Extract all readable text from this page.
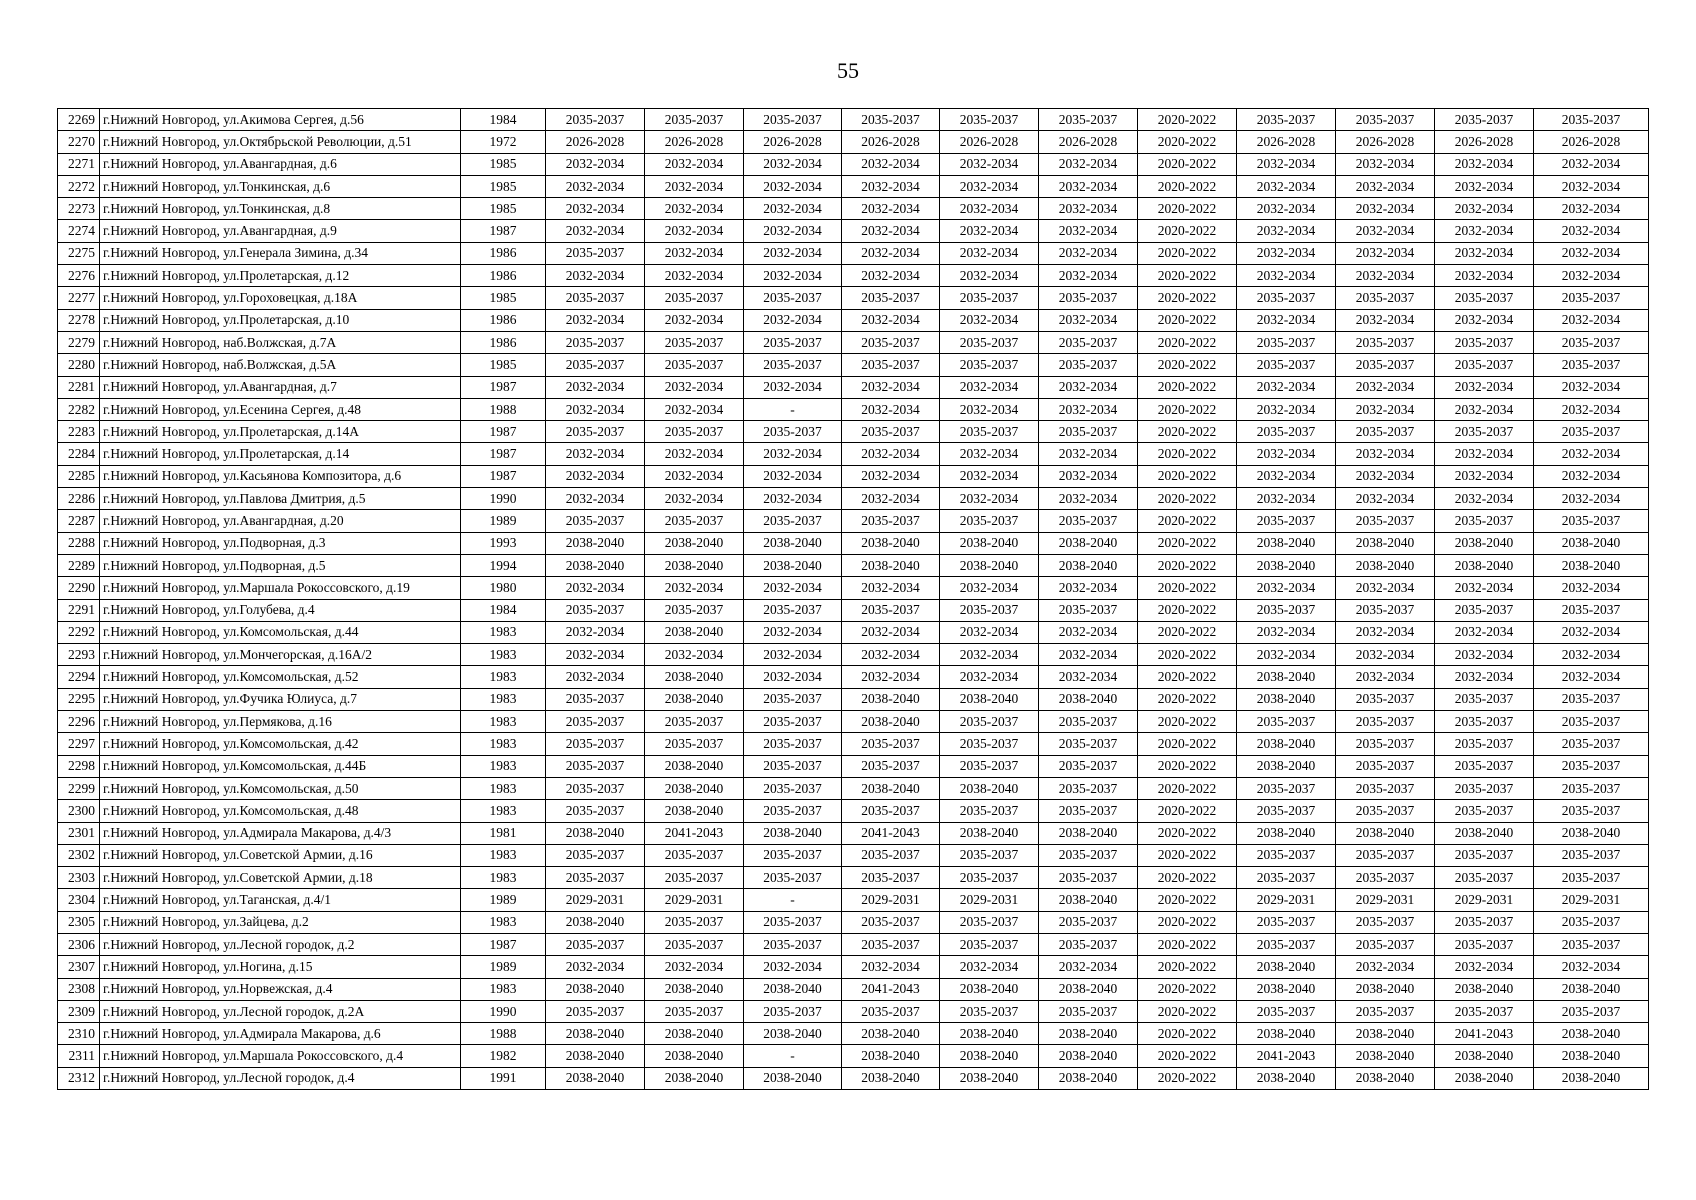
55
2269	г.Нижний Новгород, ул.Акимова Сергея, д.56	1984	2035-2037	2035-2037	2035-2037	2035-2037	2035-2037	2035-2037	2020-2022	2035-2037	2035-2037	2035-2037	2035-2037
2270	г.Нижний Новгород, ул.Октябрьской Революции, д.51	1972	2026-2028	2026-2028	2026-2028	2026-2028	2026-2028	2026-2028	2020-2022	2026-2028	2026-2028	2026-2028	2026-2028
2271	г.Нижний Новгород, ул.Авангардная, д.6	1985	2032-2034	2032-2034	2032-2034	2032-2034	2032-2034	2032-2034	2020-2022	2032-2034	2032-2034	2032-2034	2032-2034
2272	г.Нижний Новгород, ул.Тонкинская, д.6	1985	2032-2034	2032-2034	2032-2034	2032-2034	2032-2034	2032-2034	2020-2022	2032-2034	2032-2034	2032-2034	2032-2034
2273	г.Нижний Новгород, ул.Тонкинская, д.8	1985	2032-2034	2032-2034	2032-2034	2032-2034	2032-2034	2032-2034	2020-2022	2032-2034	2032-2034	2032-2034	2032-2034
2274	г.Нижний Новгород, ул.Авангардная, д.9	1987	2032-2034	2032-2034	2032-2034	2032-2034	2032-2034	2032-2034	2020-2022	2032-2034	2032-2034	2032-2034	2032-2034
2275	г.Нижний Новгород, ул.Генерала Зимина, д.34	1986	2035-2037	2032-2034	2032-2034	2032-2034	2032-2034	2032-2034	2020-2022	2032-2034	2032-2034	2032-2034	2032-2034
2276	г.Нижний Новгород, ул.Пролетарская, д.12	1986	2032-2034	2032-2034	2032-2034	2032-2034	2032-2034	2032-2034	2020-2022	2032-2034	2032-2034	2032-2034	2032-2034
2277	г.Нижний Новгород, ул.Гороховецкая, д.18А	1985	2035-2037	2035-2037	2035-2037	2035-2037	2035-2037	2035-2037	2020-2022	2035-2037	2035-2037	2035-2037	2035-2037
2278	г.Нижний Новгород, ул.Пролетарская, д.10	1986	2032-2034	2032-2034	2032-2034	2032-2034	2032-2034	2032-2034	2020-2022	2032-2034	2032-2034	2032-2034	2032-2034
2279	г.Нижний Новгород, наб.Волжская, д.7А	1986	2035-2037	2035-2037	2035-2037	2035-2037	2035-2037	2035-2037	2020-2022	2035-2037	2035-2037	2035-2037	2035-2037
2280	г.Нижний Новгород, наб.Волжская, д.5А	1985	2035-2037	2035-2037	2035-2037	2035-2037	2035-2037	2035-2037	2020-2022	2035-2037	2035-2037	2035-2037	2035-2037
2281	г.Нижний Новгород, ул.Авангардная, д.7	1987	2032-2034	2032-2034	2032-2034	2032-2034	2032-2034	2032-2034	2020-2022	2032-2034	2032-2034	2032-2034	2032-2034
2282	г.Нижний Новгород, ул.Есенина Сергея, д.48	1988	2032-2034	2032-2034	-	2032-2034	2032-2034	2032-2034	2020-2022	2032-2034	2032-2034	2032-2034	2032-2034
2283	г.Нижний Новгород, ул.Пролетарская, д.14А	1987	2035-2037	2035-2037	2035-2037	2035-2037	2035-2037	2035-2037	2020-2022	2035-2037	2035-2037	2035-2037	2035-2037
2284	г.Нижний Новгород, ул.Пролетарская, д.14	1987	2032-2034	2032-2034	2032-2034	2032-2034	2032-2034	2032-2034	2020-2022	2032-2034	2032-2034	2032-2034	2032-2034
2285	г.Нижний Новгород, ул.Касьянова Композитора, д.6	1987	2032-2034	2032-2034	2032-2034	2032-2034	2032-2034	2032-2034	2020-2022	2032-2034	2032-2034	2032-2034	2032-2034
2286	г.Нижний Новгород, ул.Павлова Дмитрия, д.5	1990	2032-2034	2032-2034	2032-2034	2032-2034	2032-2034	2032-2034	2020-2022	2032-2034	2032-2034	2032-2034	2032-2034
2287	г.Нижний Новгород, ул.Авангардная, д.20	1989	2035-2037	2035-2037	2035-2037	2035-2037	2035-2037	2035-2037	2020-2022	2035-2037	2035-2037	2035-2037	2035-2037
2288	г.Нижний Новгород, ул.Подворная, д.3	1993	2038-2040	2038-2040	2038-2040	2038-2040	2038-2040	2038-2040	2020-2022	2038-2040	2038-2040	2038-2040	2038-2040
2289	г.Нижний Новгород, ул.Подворная, д.5	1994	2038-2040	2038-2040	2038-2040	2038-2040	2038-2040	2038-2040	2020-2022	2038-2040	2038-2040	2038-2040	2038-2040
2290	г.Нижний Новгород, ул.Маршала Рокоссовского, д.19	1980	2032-2034	2032-2034	2032-2034	2032-2034	2032-2034	2032-2034	2020-2022	2032-2034	2032-2034	2032-2034	2032-2034
2291	г.Нижний Новгород, ул.Голубева, д.4	1984	2035-2037	2035-2037	2035-2037	2035-2037	2035-2037	2035-2037	2020-2022	2035-2037	2035-2037	2035-2037	2035-2037
2292	г.Нижний Новгород, ул.Комсомольская, д.44	1983	2032-2034	2038-2040	2032-2034	2032-2034	2032-2034	2032-2034	2020-2022	2032-2034	2032-2034	2032-2034	2032-2034
2293	г.Нижний Новгород, ул.Мончегорская, д.16А/2	1983	2032-2034	2032-2034	2032-2034	2032-2034	2032-2034	2032-2034	2020-2022	2032-2034	2032-2034	2032-2034	2032-2034
2294	г.Нижний Новгород, ул.Комсомольская, д.52	1983	2032-2034	2038-2040	2032-2034	2032-2034	2032-2034	2032-2034	2020-2022	2038-2040	2032-2034	2032-2034	2032-2034
2295	г.Нижний Новгород, ул.Фучика Юлиуса, д.7	1983	2035-2037	2038-2040	2035-2037	2038-2040	2038-2040	2038-2040	2020-2022	2038-2040	2035-2037	2035-2037	2035-2037
2296	г.Нижний Новгород, ул.Пермякова, д.16	1983	2035-2037	2035-2037	2035-2037	2038-2040	2035-2037	2035-2037	2020-2022	2035-2037	2035-2037	2035-2037	2035-2037
2297	г.Нижний Новгород, ул.Комсомольская, д.42	1983	2035-2037	2035-2037	2035-2037	2035-2037	2035-2037	2035-2037	2020-2022	2038-2040	2035-2037	2035-2037	2035-2037
2298	г.Нижний Новгород, ул.Комсомольская, д.44Б	1983	2035-2037	2038-2040	2035-2037	2035-2037	2035-2037	2035-2037	2020-2022	2038-2040	2035-2037	2035-2037	2035-2037
2299	г.Нижний Новгород, ул.Комсомольская, д.50	1983	2035-2037	2038-2040	2035-2037	2038-2040	2038-2040	2035-2037	2020-2022	2035-2037	2035-2037	2035-2037	2035-2037
2300	г.Нижний Новгород, ул.Комсомольская, д.48	1983	2035-2037	2038-2040	2035-2037	2035-2037	2035-2037	2035-2037	2020-2022	2035-2037	2035-2037	2035-2037	2035-2037
2301	г.Нижний Новгород, ул.Адмирала Макарова, д.4/3	1981	2038-2040	2041-2043	2038-2040	2041-2043	2038-2040	2038-2040	2020-2022	2038-2040	2038-2040	2038-2040	2038-2040
2302	г.Нижний Новгород, ул.Советской Армии, д.16	1983	2035-2037	2035-2037	2035-2037	2035-2037	2035-2037	2035-2037	2020-2022	2035-2037	2035-2037	2035-2037	2035-2037
2303	г.Нижний Новгород, ул.Советской Армии, д.18	1983	2035-2037	2035-2037	2035-2037	2035-2037	2035-2037	2035-2037	2020-2022	2035-2037	2035-2037	2035-2037	2035-2037
2304	г.Нижний Новгород, ул.Таганская, д.4/1	1989	2029-2031	2029-2031	-	2029-2031	2029-2031	2038-2040	2020-2022	2029-2031	2029-2031	2029-2031	2029-2031
2305	г.Нижний Новгород, ул.Зайцева, д.2	1983	2038-2040	2035-2037	2035-2037	2035-2037	2035-2037	2035-2037	2020-2022	2035-2037	2035-2037	2035-2037	2035-2037
2306	г.Нижний Новгород, ул.Лесной городок, д.2	1987	2035-2037	2035-2037	2035-2037	2035-2037	2035-2037	2035-2037	2020-2022	2035-2037	2035-2037	2035-2037	2035-2037
2307	г.Нижний Новгород, ул.Ногина, д.15	1989	2032-2034	2032-2034	2032-2034	2032-2034	2032-2034	2032-2034	2020-2022	2038-2040	2032-2034	2032-2034	2032-2034
2308	г.Нижний Новгород, ул.Норвежская, д.4	1983	2038-2040	2038-2040	2038-2040	2041-2043	2038-2040	2038-2040	2020-2022	2038-2040	2038-2040	2038-2040	2038-2040
2309	г.Нижний Новгород, ул.Лесной городок, д.2А	1990	2035-2037	2035-2037	2035-2037	2035-2037	2035-2037	2035-2037	2020-2022	2035-2037	2035-2037	2035-2037	2035-2037
2310	г.Нижний Новгород, ул.Адмирала Макарова, д.6	1988	2038-2040	2038-2040	2038-2040	2038-2040	2038-2040	2038-2040	2020-2022	2038-2040	2038-2040	2041-2043	2038-2040
2311	г.Нижний Новгород, ул.Маршала Рокоссовского, д.4	1982	2038-2040	2038-2040	-	2038-2040	2038-2040	2038-2040	2020-2022	2041-2043	2038-2040	2038-2040	2038-2040
2312	г.Нижний Новгород, ул.Лесной городок, д.4	1991	2038-2040	2038-2040	2038-2040	2038-2040	2038-2040	2038-2040	2020-2022	2038-2040	2038-2040	2038-2040	2038-2040
